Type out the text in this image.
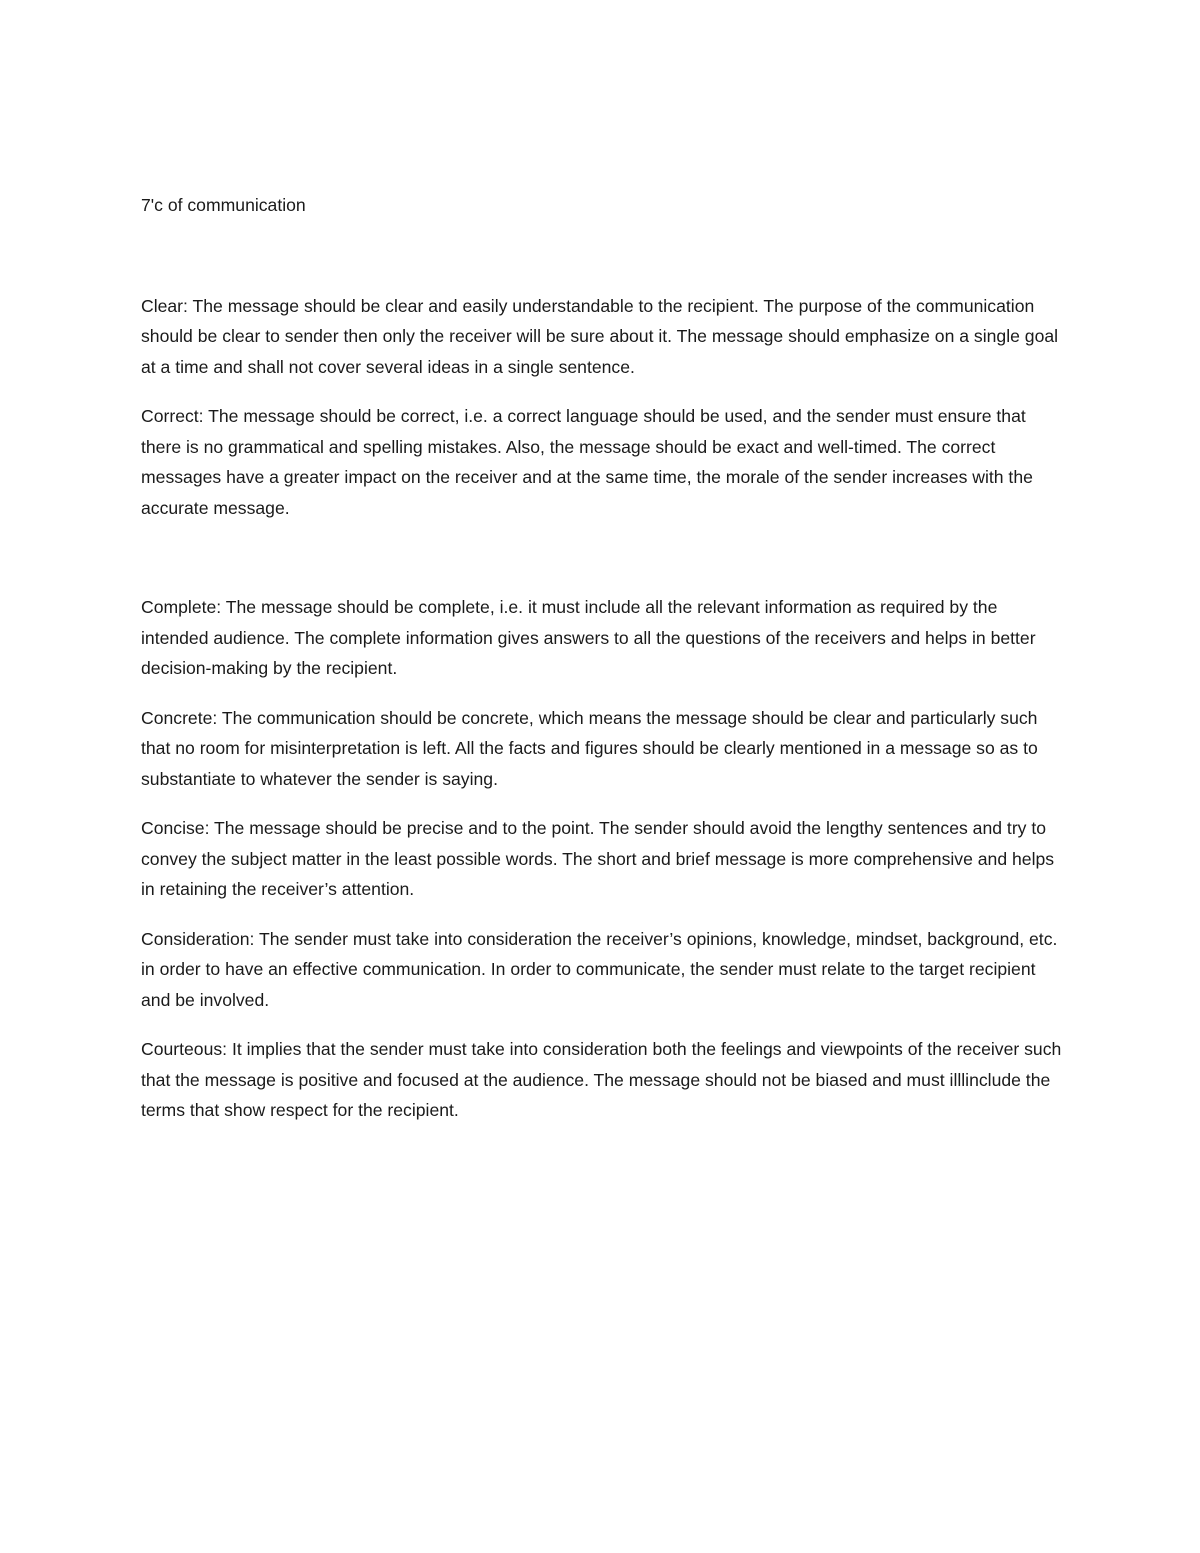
7'c of communication

Clear: The message should be clear and easily understandable to the recipient. The purpose of the communication should be clear to sender then only the receiver will be sure about it. The message should emphasize on a single goal at a time and shall not cover several ideas in a single sentence.

Correct: The message should be correct, i.e. a correct language should be used, and the sender must ensure that there is no grammatical and spelling mistakes. Also, the message should be exact and well-timed. The correct messages have a greater impact on the receiver and at the same time, the morale of the sender increases with the accurate message.

Complete: The message should be complete, i.e. it must include all the relevant information as required by the intended audience. The complete information gives answers to all the questions of the receivers and helps in better decision-making by the recipient.

Concrete: The communication should be concrete, which means the message should be clear and particularly such that no room for misinterpretation is left. All the facts and figures should be clearly mentioned in a message so as to substantiate to whatever the sender is saying.

Concise: The message should be precise and to the point. The sender should avoid the lengthy sentences and try to convey the subject matter in the least possible words. The short and brief message is more comprehensive and helps in retaining the receiver’s attention.

Consideration: The sender must take into consideration the receiver’s opinions, knowledge, mindset, background, etc. in order to have an effective communication. In order to communicate, the sender must relate to the target recipient and be involved.

Courteous: It implies that the sender must take into consideration both the feelings and viewpoints of the receiver such that the message is positive and focused at the audience. The message should not be biased and must illlinclude the terms that show respect for the recipient.
